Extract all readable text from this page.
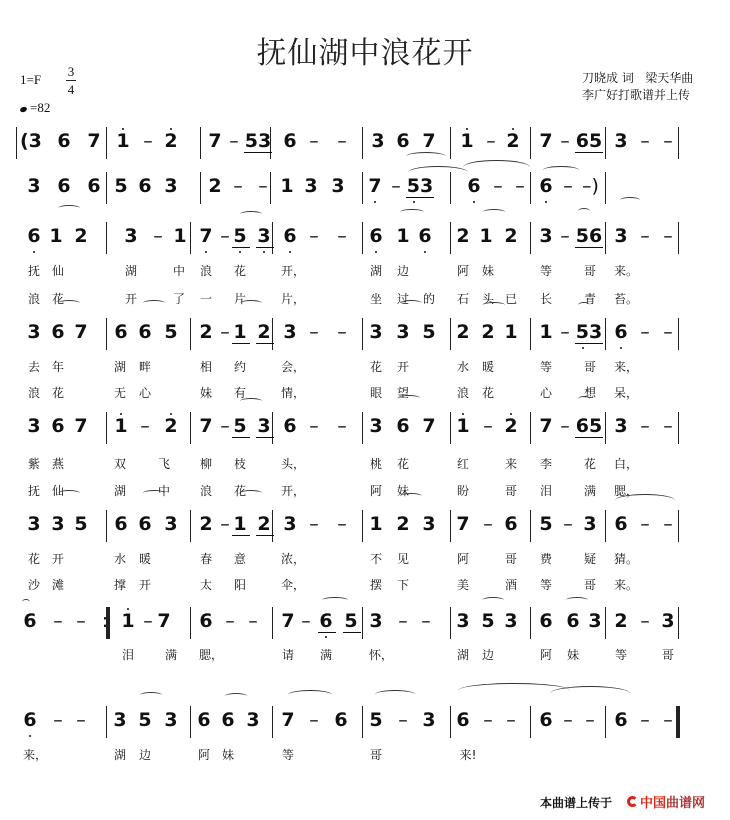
抚仙湖中浪花开
1=F
3
4
=82
刀晓成 词 梁天华曲
李广好打歌谱并上传
(3 6 7 1 – 2 7 – 53 6 – – 3 6 7 1 – 2 7 – 65 3 – –
3 6 6 5 6 3 2 – – 1 3 3 7 – 53 6 – – 6 – –)
6 1 2 3 – 1 7 – 5 3 6 – – 6 1 6 2 1 2 3 – 56 3 – –
3 6 7 6 6 5 2 – 1 2 3 – – 3 3 5 2 2 1 1 – 53 6 – –
3 6 7 1 – 2 7 – 5 3 6 – – 3 6 7 1 – 2 7 – 65 3 – –
3 3 5 6 6 3 2 – 1 2 3 – – 1 2 3 7 – 6 5 – 3 6 – –
6 – – : 1 – 7 6 – – 7 – 6 5 3 – – 3 5 3 6 6 3 2 – 3
6 – – 3 5 3 6 6 3 7 – 6 5 – 3 6 – – 6 – – 6 – –
抚 仙	湖	中 浪 花	开，	湖 边	阿 妹	等	哥 来。
浪 花	开	了 一 片	片，	坐 过 的 石 头 已 长	青 苔。
去 年	湖 畔	相 约	会，	花 开	水 暖	等	哥 来，
浪 花	无 心	妹 有	情，	眼 望	浪 花	心	想 呆，
紫 燕	双	飞 柳 枝	头，	桃 花	红	来 李	花 白，
抚 仙	湖	中 浪 花	开，	阿 妹	盼	哥 泪	满 腮，
花 开	水 暖	春 意	浓，	不 见	阿	哥 费	疑 猜。
沙 滩	撑 开	太 阳	伞，	摆 下	美	酒 等	哥 来。
泪	满 腮，	请 满	怀，	湖 边	阿 妹	等	哥
来，	湖 边	阿 妹	等	哥	来!
本曲谱上传于 中国 曲谱网
